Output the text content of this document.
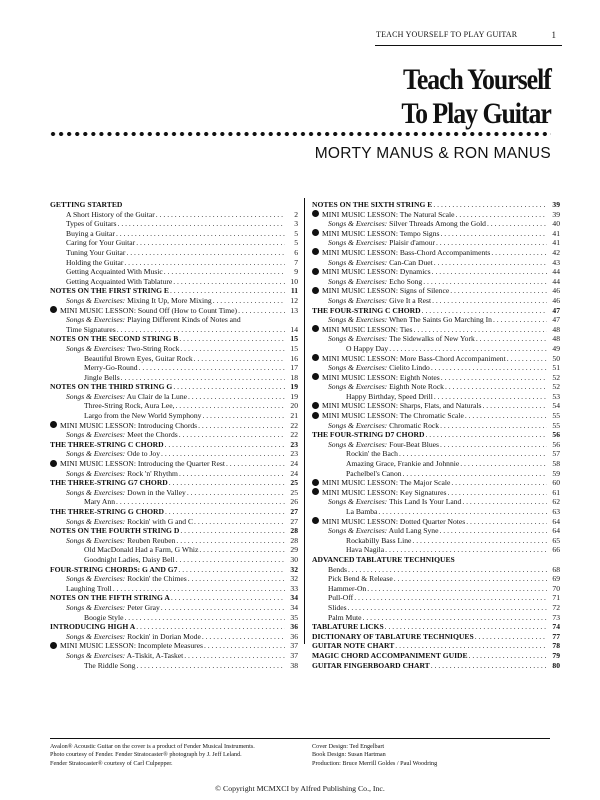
TEACH YOURSELF TO PLAY GUITAR	1
Teach Yourself
To Play Guitar
MORTY MANUS & RON MANUS
GETTING STARTED
A Short History of the Guitar . . .	2
Types of Guitars . . .	3
Buying a Guitar . . .	5
Caring for Your Guitar . . .	5
Tuning Your Guitar . . .	6
Holding the Guitar . . .	7
Getting Acquainted With Music . . .	9
Getting Acquainted With Tablature . . .	10
NOTES ON THE FIRST STRING E . . .	11
Songs & Exercises: Mixing It Up, More Mixing . . .	12
MINI MUSIC LESSON: Sound Off (How to Count Time) . . .	13
Songs & Exercises: Playing Different Kinds of Notes and
Time Signatures . . .	14
NOTES ON THE SECOND STRING B . . .	15
Songs & Exercises: Two-String Rock . . .	15
Beautiful Brown Eyes, Guitar Rock . . .	16
Merry-Go-Round . . .	17
Jingle Bells . . .	18
NOTES ON THE THIRD STRING G . . .	19
Songs & Exercises: Au Clair de la Lune . . .	19
Three-String Rock, Aura Lee, . . .	20
Largo from the New World Symphony . . .	21
MINI MUSIC LESSON: Introducing Chords . . .	22
Songs & Exercises: Meet the Chords . . .	22
THE THREE-STRING C CHORD . . .	23
Songs & Exercises: Ode to Joy . . .	23
MINI MUSIC LESSON: Introducing the Quarter Rest . . .	24
Songs & Exercises: Rock 'n' Rhythm . . .	24
THE THREE-STRING G7 CHORD . . .	25
Songs & Exercises: Down in the Valley . . .	25
Mary Ann . . .	26
THE THREE-STRING G CHORD . . .	27
Songs & Exercises: Rockin' with G and C . . .	27
NOTES ON THE FOURTH STRING D . . .	28
Songs & Exercises: Reuben Reuben . . .	28
Old MacDonald Had a Farm, G Whiz . . .	29
Goodnight Ladies, Daisy Bell . . .	30
FOUR-STRING CHORDS: G AND G7 . . .	32
Songs & Exercises: Rockin' the Chimes . . .	32
Laughing Troll . . .	33
NOTES ON THE FIFTH STRING A . . .	34
Songs & Exercises: Peter Gray . . .	34
Boogie Style . . .	35
INTRODUCING HIGH A . . .	36
Songs & Exercises: Rockin' in Dorian Mode . . .	36
MINI MUSIC LESSON: Incomplete Measures . . .	37
Songs & Exercises: A-Tiskit, A-Tasket . . .	37
The Riddle Song . . .	38
NOTES ON THE SIXTH STRING E . . .	39
MINI MUSIC LESSON: The Natural Scale . . .	39
Songs & Exercises: Silver Threads Among the Gold . . .	40
MINI MUSIC LESSON: Tempo Signs . . .	41
Songs & Exercises: Plaisir d'amour . . .	41
MINI MUSIC LESSON: Bass-Chord Accompaniments . . .	42
Songs & Exercises: Can-Can Duet . . .	43
MINI MUSIC LESSON: Dynamics . . .	44
Songs & Exercises: Echo Song . . .	44
MINI MUSIC LESSON: Signs of Silence . . .	46
Songs & Exercises: Give It a Rest . . .	46
THE FOUR-STRING C CHORD . . .	47
Songs & Exercises: When The Saints Go Marching In . . .	47
MINI MUSIC LESSON: Ties . . .	48
Songs & Exercises: The Sidewalks of New York . . .	48
O Happy Day . . .	49
MINI MUSIC LESSON: More Bass-Chord Accompaniment . . .	50
Songs & Exercises: Cielito Lindo . . .	51
MINI MUSIC LESSON: Eighth Notes . . .	52
Songs & Exercises: Eighth Note Rock . . .	52
Happy Birthday, Speed Drill . . .	53
MINI MUSIC LESSON: Sharps, Flats, and Naturals . . .	54
MINI MUSIC LESSON: The Chromatic Scale . . .	55
Songs & Exercises: Chromatic Rock . . .	55
THE FOUR-STRING D7 CHORD . . .	56
Songs & Exercises: Four-Beat Blues . . .	56
Rockin' the Bach . . .	57
Amazing Grace, Frankie and Johnnie . . .	58
Pachelbel's Canon . . .	59
MINI MUSIC LESSON: The Major Scale . . .	60
MINI MUSIC LESSON: Key Signatures . . .	61
Songs & Exercises: This Land Is Your Land . . .	62
La Bamba . . .	63
MINI MUSIC LESSON: Dotted Quarter Notes . . .	64
Songs & Exercises: Auld Lang Syne . . .	64
Rockabilly Bass Line . . .	65
Hava Nagila . . .	66
ADVANCED TABLATURE TECHNIQUES
Bends . . .	68
Pick Bend & Release . . .	69
Hammer-On . . .	70
Pull-Off . . .	71
Slides . . .	72
Palm Mute . . .	73
TABLATURE LICKS . . .	74
DICTIONARY OF TABLATURE TECHNIQUES . . .	77
GUITAR NOTE CHART . . .	78
MAGIC CHORD ACCOMPANIMENT GUIDE . . .	79
GUITAR FINGERBOARD CHART . . .	80
Avalon® Acoustic Guitar on the cover is a product of Fender Musical Instruments.
Photo courtesy of Fender. Fender Stratocaster® photograph by J. Jeff Leland.
Fender Stratocaster® courtesy of Carl Culpepper.
Cover Design: Ted Engelbart
Book Design: Susan Hartman
Production: Bruce Merrill Goldes / Paul Woodring
© Copyright MCMXCI by Alfred Publishing Co., Inc.
